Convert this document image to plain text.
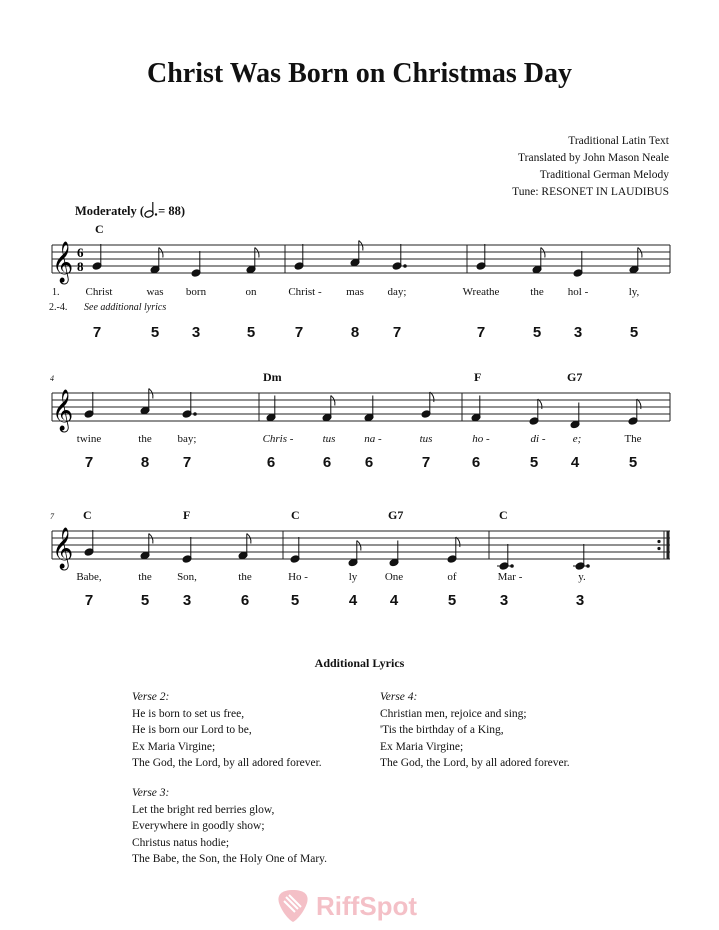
Christ Was Born on Christmas Day
Traditional Latin Text
Translated by John Mason Neale
Traditional German Melody
Tune: RESONET IN LAUDIBUS
Moderately ( = 88)
C
𝄞 6
8
1.
2.-4. See additional lyrics
Christ	was born	on	Christ - mas day;	Wreathe	the hol -	ly,
7	5 3	5	7	8 7	7	5 3	5
4	Dm	F	G7
𝄞
twine	the bay;	Chris -	tus	na -	tus	ho -	di - e;	The
7	8 7	6	6 6	7	6	5 4	5
7 C	F	C	G7	C
𝄞
Babe,	the Son,	the	Ho -	ly	One	of	Mar -	y.
7	5 3	6	5	4 4	5	3	3
Additional Lyrics
Verse 2:
He is born to set us free,
He is born our Lord to be,
Ex Maria Virgine;
The God, the Lord, by all adored forever.
Verse 3:
Let the bright red berries glow,
Everywhere in goodly show;
Christus natus hodie;
The Babe, the Son, the Holy One of Mary.
Verse 4:
Christian men, rejoice and sing;
'Tis the birthday of a King,
Ex Maria Virgine;
The God, the Lord, by all adored forever.
RiffSpot
